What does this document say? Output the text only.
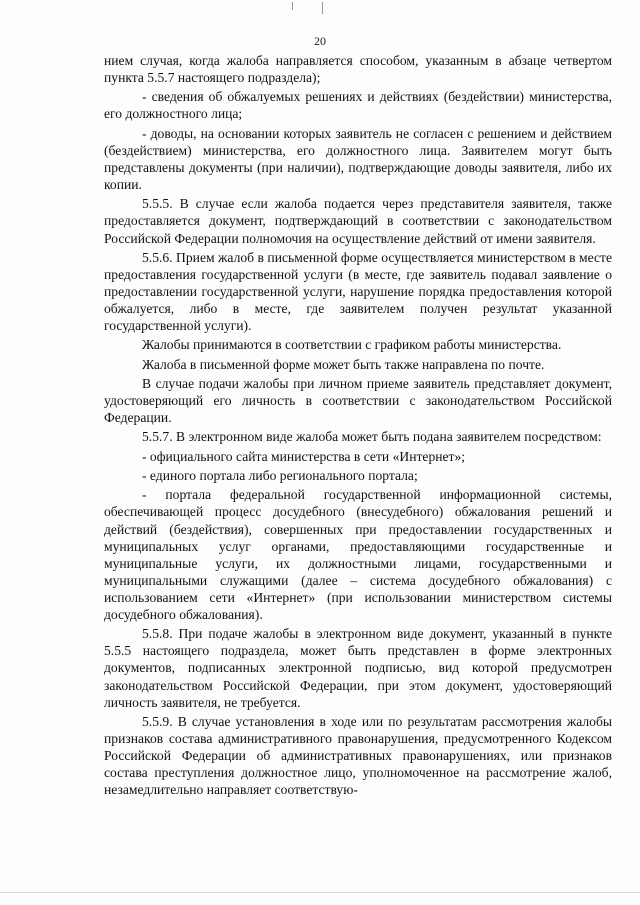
20

нием случая, когда жалоба направляется способом, указанным в абзаце четвертом пункта 5.5.7 настоящего подраздела);

- сведения об обжалуемых решениях и действиях (бездействии) министерства, его должностного лица;

- доводы, на основании которых заявитель не согласен с решением и действием (бездействием) министерства, его должностного лица. Заявителем могут быть представлены документы (при наличии), подтверждающие доводы заявителя, либо их копии.

5.5.5. В случае если жалоба подается через представителя заявителя, также предоставляется документ, подтверждающий в соответствии с законодательством Российской Федерации полномочия на осуществление действий от имени заявителя.

5.5.6. Прием жалоб в письменной форме осуществляется министерством в месте предоставления государственной услуги (в месте, где заявитель подавал заявление о предоставлении государственной услуги, нарушение порядка предоставления которой обжалуется, либо в месте, где заявителем получен результат указанной государственной услуги).

Жалобы принимаются в соответствии с графиком работы министерства.

Жалоба в письменной форме может быть также направлена по почте.

В случае подачи жалобы при личном приеме заявитель представляет документ, удостоверяющий его личность в соответствии с законодательством Российской Федерации.

5.5.7. В электронном виде жалоба может быть подана заявителем посредством:

- официального сайта министерства в сети «Интернет»;

- единого портала либо регионального портала;

- портала федеральной государственной информационной системы, обеспечивающей процесс досудебного (внесудебного) обжалования решений и действий (бездействия), совершенных при предоставлении государственных и муниципальных услуг органами, предоставляющими государственные и муниципальные услуги, их должностными лицами, государственными и муниципальными служащими (далее – система досудебного обжалования) с использованием сети «Интернет» (при использовании министерством системы досудебного обжалования).

5.5.8. При подаче жалобы в электронном виде документ, указанный в пункте 5.5.5 настоящего подраздела, может быть представлен в форме электронных документов, подписанных электронной подписью, вид которой предусмотрен законодательством Российской Федерации, при этом документ, удостоверяющий личность заявителя, не требуется.

5.5.9. В случае установления в ходе или по результатам рассмотрения жалобы признаков состава административного правонарушения, предусмотренного Кодексом Российской Федерации об административных правонарушениях, или признаков состава преступления должностное лицо, уполномоченное на рассмотрение жалоб, незамедлительно направляет соответствую-
